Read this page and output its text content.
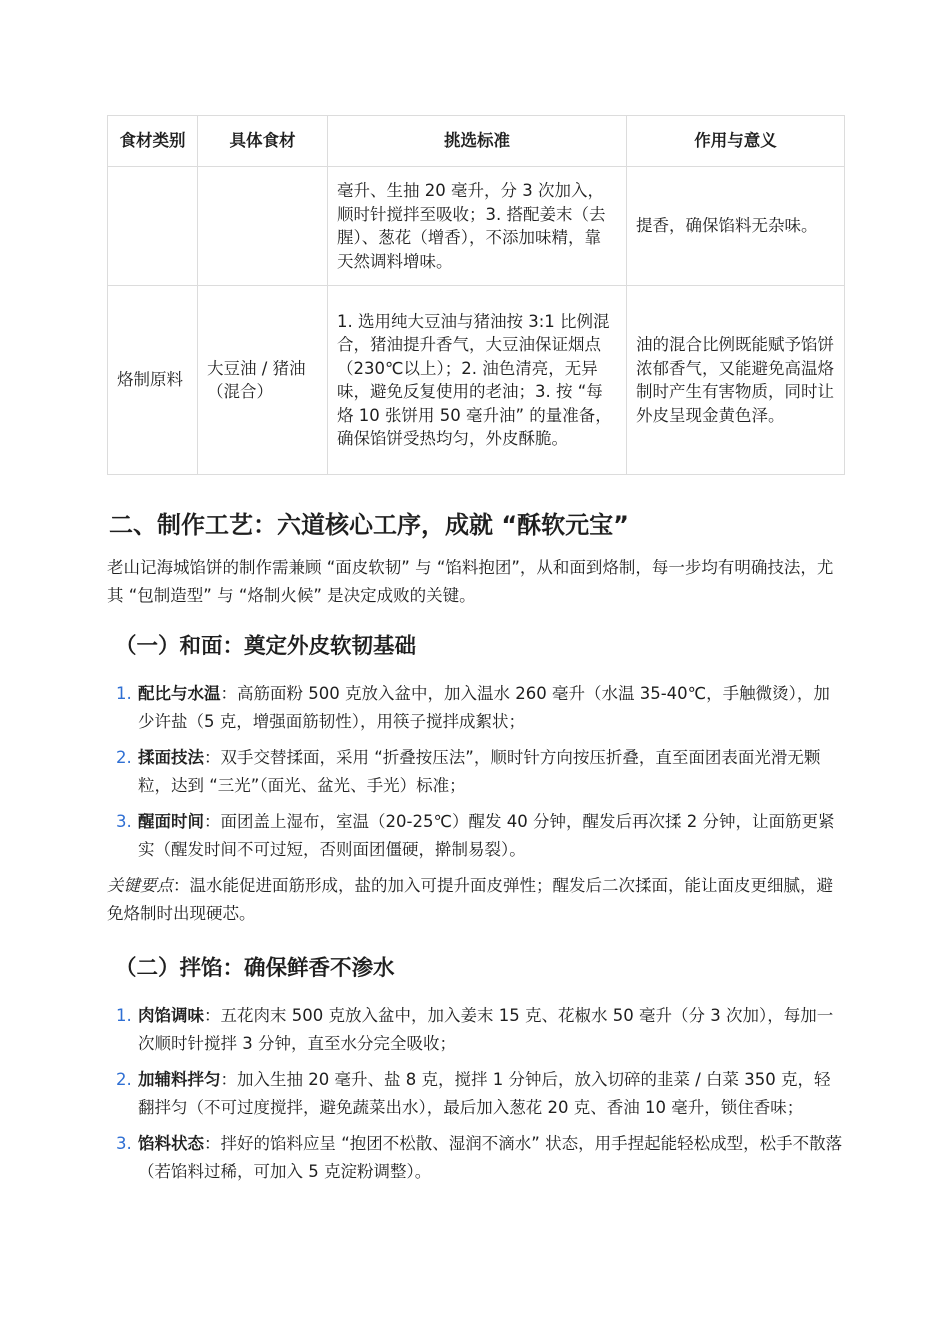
食材类别	具体食材	挑选标准	作用与意义
		毫升、生抽 20 毫升，分 3 次加入，顺时针搅拌至吸收；3. 搭配姜末（去腥）、葱花（增香），不添加味精，靠天然调料增味。	提香，确保馅料无杂味。
烙制原料	大豆油 / 猪油（混合）	1. 选用纯大豆油与猪油按 3:1 比例混合，猪油提升香气，大豆油保证烟点（230℃以上）；2. 油色清亮，无异味，避免反复使用的老油；3. 按 “每烙 10 张饼用 50 毫升油” 的量准备，确保馅饼受热均匀，外皮酥脆。	油的混合比例既能赋予馅饼浓郁香气，又能避免高温烙制时产生有害物质，同时让外皮呈现金黄色泽。
二、制作工艺：六道核心工序，成就 “酥软元宝”

老山记海城馅饼的制作需兼顾 “面皮软韧” 与 “馅料抱团”，从和面到烙制，每一步均有明确技法，尤其 “包制造型” 与 “烙制火候” 是决定成败的关键。

（一）和面：奠定外皮软韧基础
1. 配比与水温：高筋面粉 500 克放入盆中，加入温水 260 毫升（水温 35-40℃，手触微烫），加少许盐（5 克，增强面筋韧性），用筷子搅拌成絮状；
2. 揉面技法：双手交替揉面，采用 “折叠按压法”，顺时针方向按压折叠，直至面团表面光滑无颗粒，达到 “三光”（面光、盆光、手光）标准；
3. 醒面时间：面团盖上湿布，室温（20-25℃）醒发 40 分钟，醒发后再次揉 2 分钟，让面筋更紧实（醒发时间不可过短，否则面团僵硬，擀制易裂）。

关键要点：温水能促进面筋形成，盐的加入可提升面皮弹性；醒发后二次揉面，能让面皮更细腻，避免烙制时出现硬芯。

（二）拌馅：确保鲜香不渗水
1. 肉馅调味：五花肉末 500 克放入盆中，加入姜末 15 克、花椒水 50 毫升（分 3 次加），每加一次顺时针搅拌 3 分钟，直至水分完全吸收；
2. 加辅料拌匀：加入生抽 20 毫升、盐 8 克，搅拌 1 分钟后，放入切碎的韭菜 / 白菜 350 克，轻翻拌匀（不可过度搅拌，避免蔬菜出水），最后加入葱花 20 克、香油 10 毫升，锁住香味；
3. 馅料状态：拌好的馅料应呈 “抱团不松散、湿润不滴水” 状态，用手捏起能轻松成型，松手不散落（若馅料过稀，可加入 5 克淀粉调整）。
